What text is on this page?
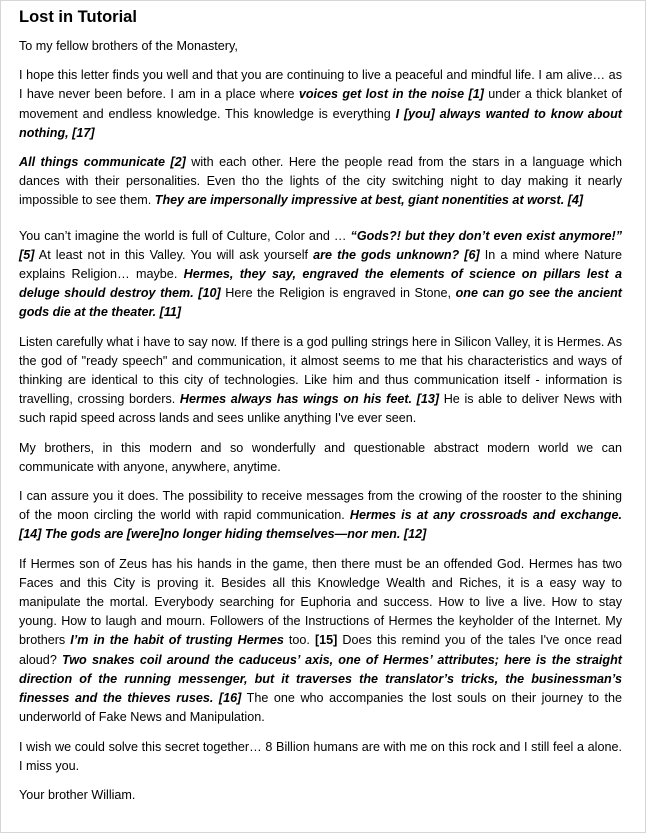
Lost in Tutorial

To my fellow brothers of the Monastery,

I hope this letter finds you well and that you are continuing to live a peaceful and mindful life. I am alive… as I have never been before. I am in a place where voices get lost in the noise [1] under a thick blanket of movement and endless knowledge. This knowledge is everything I [you] always wanted to know about nothing, [17]

All things communicate [2] with each other. Here the people read from the stars in a language which dances with their personalities. Even tho the lights of the city switching night to day making it nearly impossible to see them. They are impersonally impressive at best, giant nonentities at worst. [4]

You can’t imagine the world is full of Culture, Color and … “Gods?! but they don’t even exist anymore!” [5] At least not in this Valley. You will ask yourself are the gods unknown? [6] In a mind where Nature explains Religion… maybe. Hermes, they say, engraved the elements of science on pillars lest a deluge should destroy them. [10] Here the Religion is engraved in Stone, one can go see the ancient gods die at the theater. [11]

Listen carefully what i have to say now. If there is a god pulling strings here in Silicon Valley, it is Hermes. As the god of "ready speech" and communication, it almost seems to me that his characteristics and ways of thinking are identical to this city of technologies. Like him and thus communication itself - information is travelling, crossing borders. Hermes always has wings on his feet. [13] He is able to deliver News with such rapid speed across lands and sees unlike anything I've ever seen.

My brothers, in this modern and so wonderfully and questionable abstract modern world we can communicate with anyone, anywhere, anytime.

I can assure you it does. The possibility to receive messages from the crowing of the rooster to the shining of the moon circling the world with rapid communication. Hermes is at any crossroads and exchange. [14] The gods are [were]no longer hiding themselves—nor men. [12]

If Hermes son of Zeus has his hands in the game, then there must be an offended God. Hermes has two Faces and this City is proving it. Besides all this Knowledge Wealth and Riches, it is a easy way to manipulate the mortal. Everybody searching for Euphoria and success. How to live a live. How to stay young. How to laugh and mourn. Followers of the Instructions of Hermes the keyholder of the Internet. My brothers I’m in the habit of trusting Hermes too. [15] Does this remind you of the tales I've once read aloud? Two snakes coil around the caduceus’ axis, one of Hermes’ attributes; here is the straight direction of the running messenger, but it traverses the translator’s tricks, the businessman’s finesses and the thieves ruses. [16] The one who accompanies the lost souls on their journey to the underworld of Fake News and Manipulation.

I wish we could solve this secret together… 8 Billion humans are with me on this rock and I still feel a alone. I miss you.

Your brother William.
